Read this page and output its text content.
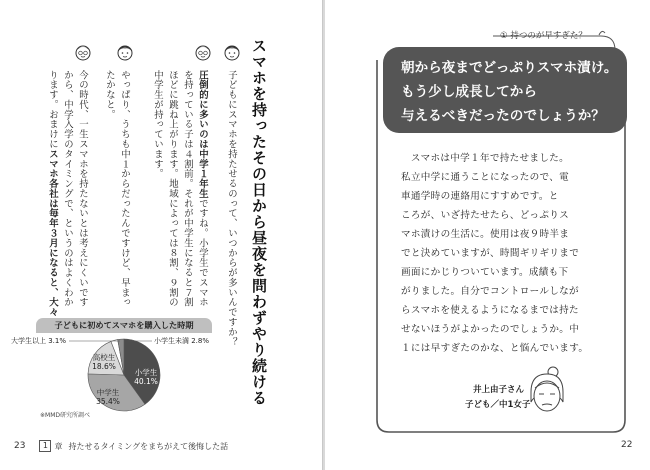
スマホを持ったその日から昼夜を問わずやり続ける
子どもにスマホを持たせるのって、いつからが多いんですか？
圧倒的に多いのは中学１年生ですね。小学生でスマホ
を持っている子は４割前。それが中学生になると７割
ほどに跳ね上がります。地域によっては８割、９割の
中学生が持っています。
やっぱり、うちも中１からだったんですけど、早まっ
たかなと。
今の時代、一生スマホを持たないとは考えにくいです
から、中学入学のタイミングで、というのはよくわか
ります。おまけにスマホ各社は毎年３月になると、大々
子どもに初めてスマホを購入した時期
小学生
40.1%
中学生
35.4%
高校生
18.6%
大学生以上 3.1%	小学生未満 2.8%
※MMD研究所調べ
23	1 章 持たせるタイミングをまちがえて後悔した話
① 持つのが早すぎた？
朝から夜までどっぷりスマホ漬け。
もう少し成長してから
与えるべきだったのでしょうか？
　スマホは中学１年で持たせました。
私立中学に通うことになったので、電
車通学時の連絡用にすすめです。と
ころが、いざ持たせたら、どっぷりス
マホ漬けの生活に。使用は夜９時半ま
でと決めていますが、時間ギリギリまで
画面にかじりついています。成績も下
がりました。自分でコントロールしなが
らスマホを使えるようになるまでは持た
せないほうがよかったのでしょうか。中
１には早すぎたのかな、と悩んでいます。
井上由子さん
子ども／中1女子
22
